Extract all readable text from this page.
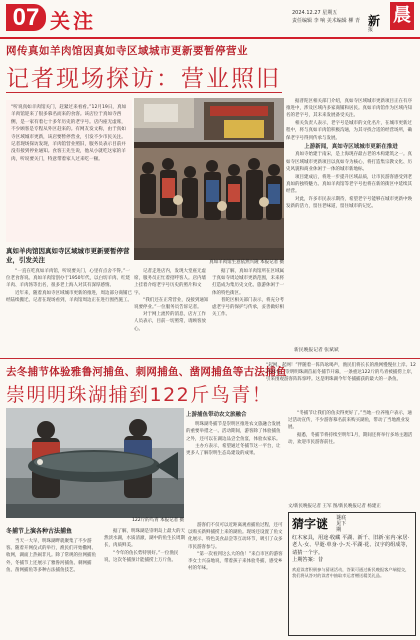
07 关注	2024.12.27 星期五
责任编辑 李 响 美术编辑 柳 青 新 晨
报
网传真如羊肉馆因真如寺区域城市更新要暂停营业
记者现场探访：营业照旧
“听说真如羊肉馆关门，赶紧过来看看。”12月19日，真如羊肉馆迎来了很多慕名而来的食客。该店位于真如寺西侧，是一家有着七十多年历史的老字号。店内座无虚席，不少顾客是专程从外区赶来的。有网友发文称，由于真如寺区域城市更新，该店要暂停营业，引发不少市民关注。记者现场探访发现，羊肉馆营业照旧，服务员表示目前并没有接到停业通知。食客王先生说，他从小就吃这家的羊肉，听说要关门，特意带着家人过来吃一顿。
真如羊肉馆生意依然兴隆 本报记者 摄

据普陀区相关部门介绍，真如寺区域城市更新项目正在有序推进中，涉及区域内多家商铺和居民。真如羊肉馆作为区域内知名的老字号，其未来发展备受关注。

相关负责人表示，老字号是城市的文化名片，在城市更新过程中，将与真如羊肉馆积极沟通，为其寻找合适的经营场所，确保老字号得到传承与发展。

上游新闻，真如寺区域城市更新在推进

真如寺始建于南宋，是上海现存最古老的木构建筑之一。真如寺区域城市更新项目以真如寺为核心，将打造集宗教文化、历史风貌和商业休闲于一体的城市新地标。

项目建成后，将进一步提升区域品质，让市民游客感受到老真如的独特魅力。真如羊肉馆等老字号也将在新的街区中延续其经营。

对此，许多市民表示期待，希望老字号能够在城市更新中焕发新的活力，留住老味道，留住城市的记忆。

真如羊肉馆因真如寺区域城市更新要暂停营业，引发关注

“一直在吃真如羊肉馆，听说要关门，心里有点舍不得。”一位老食客说。真如羊肉馆创办于1950年代，以白切羊肉、红烧羊肉、羊肉汤等出名，很多老上海人对其有深厚感情。

近年来，随着真如寺区域城市更新的推进，周边部分商铺已经陆续搬迁。记者在现场看到，羊肉馆周边正在进行围挡施工。

记者走进店内，发现大堂座无虚席，服务员正忙着招呼客人。店内墙上挂着介绍老字号历史的照片和文字。

“我们还在正常营业，没接到通知说要停业。”一位服务员告诉记者。

对于网上流传的消息，店方工作人员表示，目前一切照常，请顾客放心。

据了解，真如羊肉馆所在区域属于真如寺周边城市更新范围，未来将打造成为集历史文化、旅游休闲于一体的特色街区。

普陀区相关部门表示，将充分考虑老字号的保护与传承，妥善做好相关工作。

新民晚报记者 张斌斌
去冬捕节体验雅鲁河捕鱼、刺网捕鱼、凿网捕鱼等古法捕鱼
崇明明珠湖捕到122斤鸟青！
“起网，起网！”伴随着一阵阵吆喝声，渔民们将长长的渔网慢慢拉上岸。12月21日，崇明明珠湖首届冬捕节开幕，一条重达122斤的鸟青被捕捞上岸，引来围观游客阵阵惊呼。这是明珠湖今年冬捕捕获的最大的一条鱼。
122斤的鸟青 本报记者 摄
冬捕节上演各种古法捕鱼

当天一大早，明珠湖畔就聚集了不少游客。随着开网仪式的举行，渔民们开始撒网、收网，湖面上热闹非凡。除了常规的拉网捕鱼外，冬捕节上还展示了雅鲁河捕鱼、刺网捕鱼、凿网捕鱼等多种古法捕鱼技艺。

据了解，明珠湖是崇明岛上最大的天然淡水湖，水质清澈，湖中的鱼生长周期长，肉质鲜美。

“今年的鱼长势特别好。”一位渔民说，这次冬捕预计能捕捞上万斤鱼。

游客们不仅可以近距离观看捕鱼过程，还可以购买新鲜捕捞上来的湖鱼。现场还设置了鱼文化展示、特色美食品尝等互动环节，吸引了众多市民游客参与。

“第一次看到这么大的鱼！”来自市区的游客李女士兴奋地说，带着孩子来体验冬捕，感受乡村的年味。

上游捕鱼带动农文旅融合

明珠湖冬捕节是崇明区推进农文旅融合发展的重要举措之一。活动期间，游客除了体验捕鱼之外，还可以在湖边品尝全鱼宴，体验农家乐。

主办方表示，希望通过冬捕节这一平台，让更多人了解崇明生态岛建设的成果。

“冬捕节让我们的鱼卖得更好了。”当地一位养殖户表示，通过活动宣传，不少游客慕名前来购买湖鱼，带动了当地渔业发展。

据悉，冬捕节将持续至明年1月，期间还将举行多场主题活动，欢迎市民游客前往。

文/新民晚报记者 王军 图/新民晚报记者 杨建正
猜字谜 谜底见下期
红木家具，用途·收藏 平湖、新千、旧新·室内·家居·老人·女、早逝·单身·小·天·平湖·花、汉字的组成等，请猜一个字。
上期答案：昔
欢迎读者积极参与猜谜活动，答案可通过新民晚报客户端提交，我们将从答对的读者中抽取幸运者赠送精美礼品。
